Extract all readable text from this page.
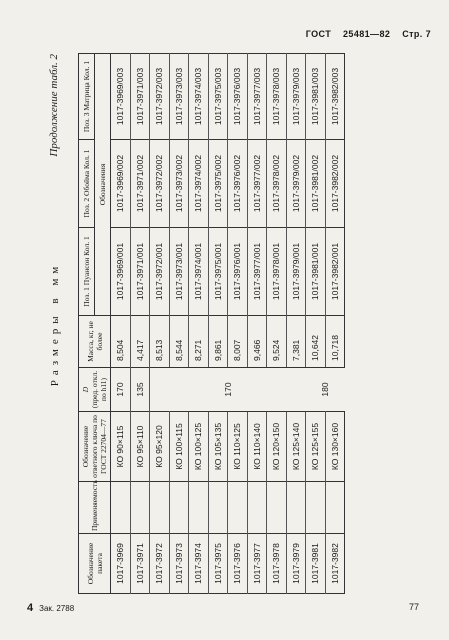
ГОСТ 25481—82 Стр. 7
Размеры в мм
Продолжение табл. 2
Обозначение пакета	Применяемость	Обозначение ответного ключа по ГОСТ 22704—77	D (пред. откл. по h11)	Масса, кг, не более	Поз. 1 Пуансон Кол. 1	Поз. 2 Обойма Кол. 1	Поз. 3 Матрица Кол. 1
					Обозначения		
1017-3969		КО 90×115	170	8,504	1017-3969/001	1017-3969/002	1017-3969/003
1017-3971		КО 95×110	135	4,417	1017-3971/001	1017-3971/002	1017-3971/003
1017-3972		КО 95×120	170	8,513	1017-3972/001	1017-3972/002	1017-3972/003
1017-3973		КО 100×115		8,544	1017-3973/001	1017-3973/002	1017-3973/003
1017-3974		КО 100×125		8,271	1017-3974/001	1017-3974/002	1017-3974/003
1017-3975		КО 105×135		9,861	1017-3975/001	1017-3975/002	1017-3975/003
1017-3976		КО 110×125		8,007	1017-3976/001	1017-3976/002	1017-3976/003
1017-3977		КО 110×140		9,466	1017-3977/001	1017-3977/002	1017-3977/003
1017-3978		КО 120×150		9,524	1017-3978/001	1017-3978/002	1017-3978/003
1017-3979		КО 125×140		7,381	1017-3979/001	1017-3979/002	1017-3979/003
1017-3981		КО 125×155	180	10,642	1017-3981/001	1017-3981/002	1017-3981/003
1017-3982		КО 130×160		10,718	1017-3982/001	1017-3982/002	1017-3982/003
4 Зак. 2788	77
